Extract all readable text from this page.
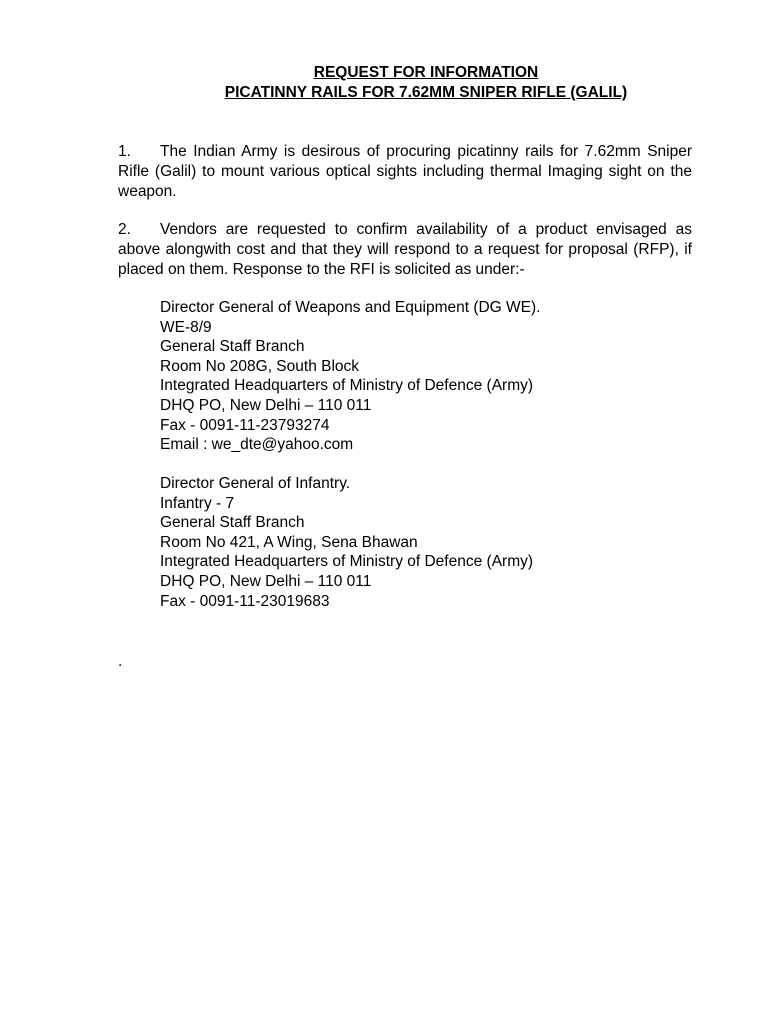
REQUEST FOR INFORMATION
PICATINNY RAILS FOR 7.62MM SNIPER RIFLE (GALIL)
1. The Indian Army is desirous of procuring picatinny rails for 7.62mm Sniper Rifle (Galil) to mount various optical sights including thermal Imaging sight on the weapon.
2. Vendors are requested to confirm availability of a product envisaged as above alongwith cost and that they will respond to a request for proposal (RFP), if placed on them. Response to the RFI is solicited as under:-
Director General of Weapons and Equipment (DG WE).
WE-8/9
General Staff Branch
Room No 208G, South Block
Integrated Headquarters of Ministry of Defence (Army)
DHQ PO, New Delhi – 110 011
Fax - 0091-11-23793274
Email : we_dte@yahoo.com
Director General of Infantry.
Infantry - 7
General Staff Branch
Room No 421, A Wing, Sena Bhawan
Integrated Headquarters of Ministry of Defence (Army)
DHQ PO, New Delhi – 110 011
Fax - 0091-11-23019683
.
